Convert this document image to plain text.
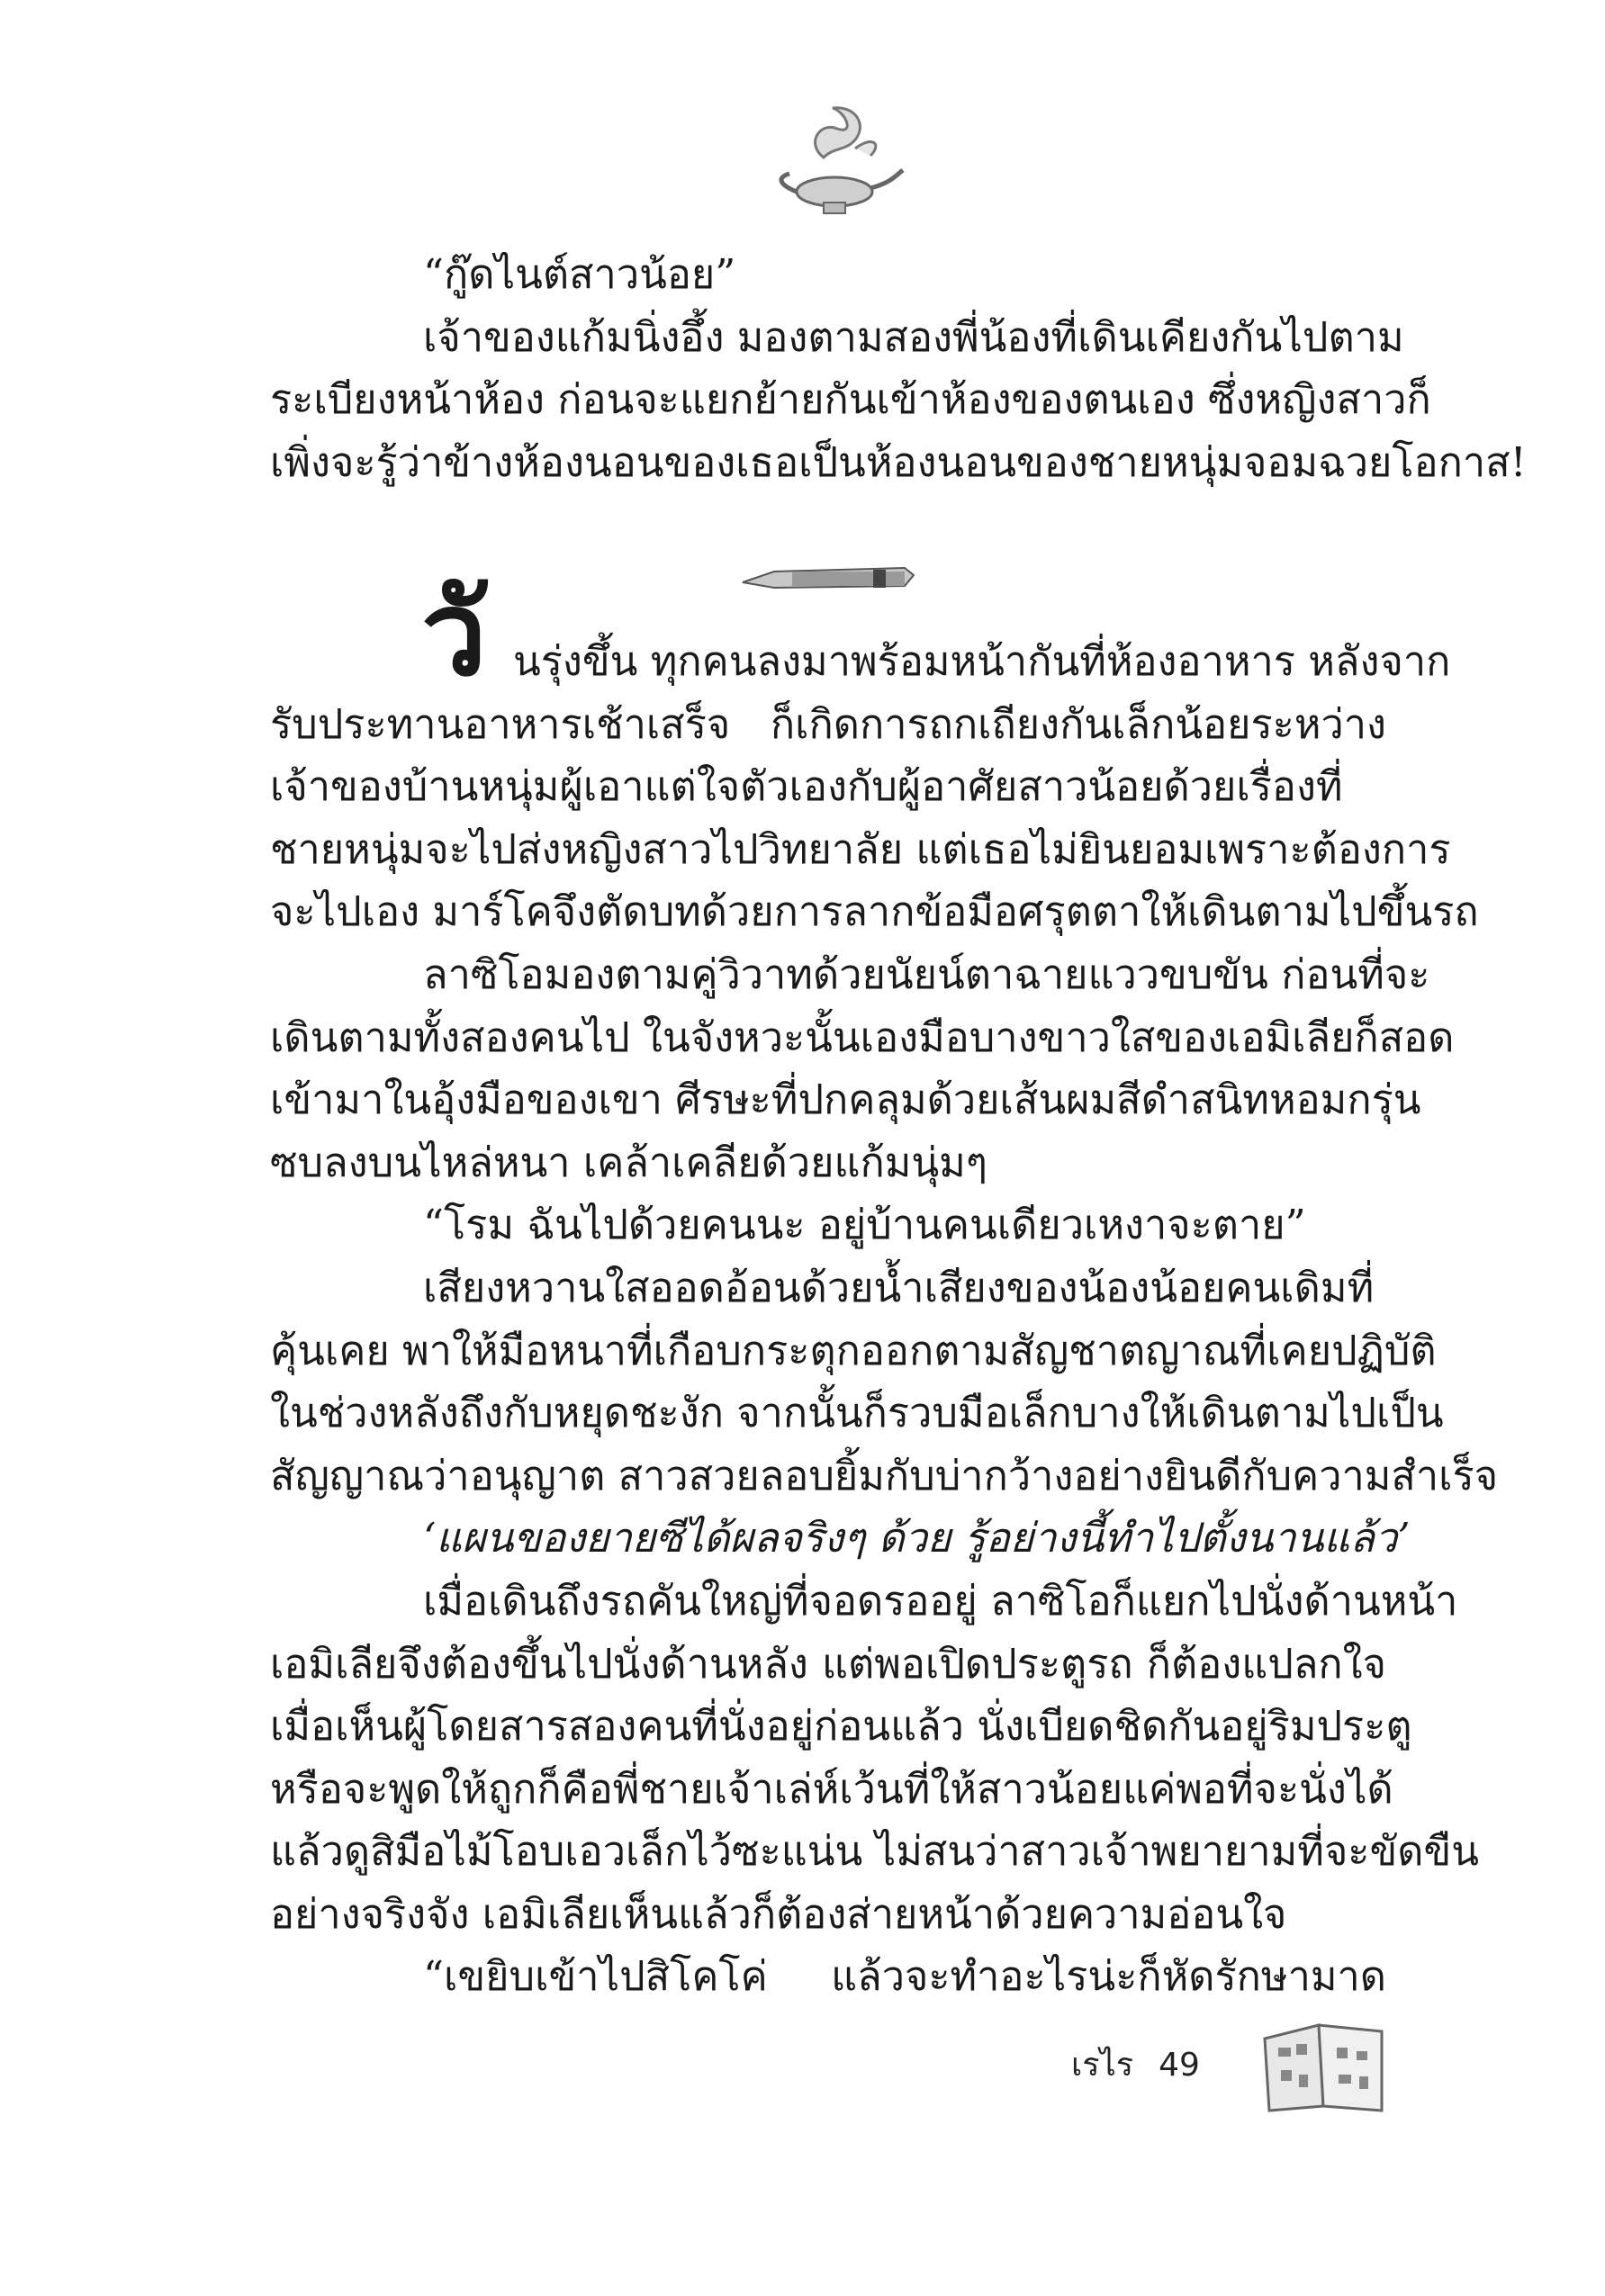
“กู๊ดไนต์สาวน้อย”
เจ้าของแก้มนิ่งอึ้ง มองตามสองพี่น้องที่เดินเคียงกันไปตาม
ระเบียงหน้าห้อง ก่อนจะแยกย้ายกันเข้าห้องของตนเอง ซึ่งหญิงสาวก็
เพิ่งจะรู้ว่าข้างห้องนอนของเธอเป็นห้องนอนของชายหนุ่มจอมฉวยโอกาส!
วั นรุ่งขึ้น ทุกคนลงมาพร้อมหน้ากันที่ห้องอาหาร หลังจาก
รับประทานอาหารเช้าเสร็จ ก็เกิดการถกเถียงกันเล็กน้อยระหว่าง
เจ้าของบ้านหนุ่มผู้เอาแต่ใจตัวเองกับผู้อาศัยสาวน้อยด้วยเรื่องที่
ชายหนุ่มจะไปส่งหญิงสาวไปวิทยาลัย แต่เธอไม่ยินยอมเพราะต้องการ
จะไปเอง มาร์โคจึงตัดบทด้วยการลากข้อมือศรุตตาให้เดินตามไปขึ้นรถ
ลาซิโอมองตามคู่วิวาทด้วยนัยน์ตาฉายแววขบขัน ก่อนที่จะ
เดินตามทั้งสองคนไป ในจังหวะนั้นเองมือบางขาวใสของเอมิเลียก็สอด
เข้ามาในอุ้งมือของเขา ศีรษะที่ปกคลุมด้วยเส้นผมสีดำสนิทหอมกรุ่น
ซบลงบนไหล่หนา เคล้าเคลียด้วยแก้มนุ่มๆ
“โรม ฉันไปด้วยคนนะ อยู่บ้านคนเดียวเหงาจะตาย”
เสียงหวานใสออดอ้อนด้วยน้ำเสียงของน้องน้อยคนเดิมที่
คุ้นเคย พาให้มือหนาที่เกือบกระตุกออกตามสัญชาตญาณที่เคยปฏิบัติ
ในช่วงหลังถึงกับหยุดชะงัก จากนั้นก็รวบมือเล็กบางให้เดินตามไปเป็น
สัญญาณว่าอนุญาต สาวสวยลอบยิ้มกับบ่ากว้างอย่างยินดีกับความสำเร็จ
‘แผนของยายซีได้ผลจริงๆ ด้วย รู้อย่างนี้ทำไปตั้งนานแล้ว’
เมื่อเดินถึงรถคันใหญ่ที่จอดรออยู่ ลาซิโอก็แยกไปนั่งด้านหน้า
เอมิเลียจึงต้องขึ้นไปนั่งด้านหลัง แต่พอเปิดประตูรถ ก็ต้องแปลกใจ
เมื่อเห็นผู้โดยสารสองคนที่นั่งอยู่ก่อนแล้ว นั่งเบียดชิดกันอยู่ริมประตู
หรือจะพูดให้ถูกก็คือพี่ชายเจ้าเล่ห์เว้นที่ให้สาวน้อยแค่พอที่จะนั่งได้
แล้วดูสิมือไม้โอบเอวเล็กไว้ซะแน่น ไม่สนว่าสาวเจ้าพยายามที่จะขัดขืน
อย่างจริงจัง เอมิเลียเห็นแล้วก็ต้องส่ายหน้าด้วยความอ่อนใจ
“เขยิบเข้าไปสิโคโค่ แล้วจะทำอะไรน่ะก็หัดรักษามาด
เรไร 49
